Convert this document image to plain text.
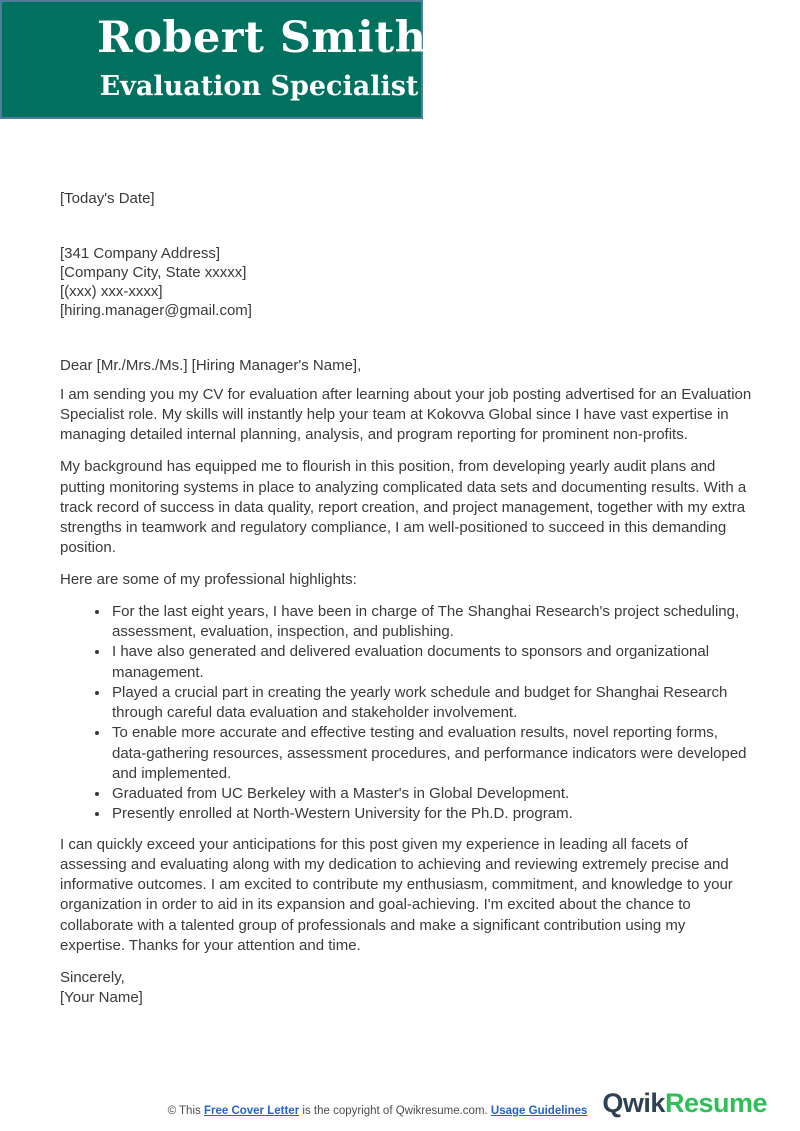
Robert Smith
Evaluation Specialist
[Today's Date]
[341 Company Address]
[Company City, State xxxxx]
[(xxx) xxx-xxxx]
[hiring.manager@gmail.com]
Dear [Mr./Mrs./Ms.] [Hiring Manager's Name],

I am sending you my CV for evaluation after learning about your job posting advertised for an Evaluation Specialist role. My skills will instantly help your team at Kokovva Global since I have vast expertise in managing detailed internal planning, analysis, and program reporting for prominent non-profits.

My background has equipped me to flourish in this position, from developing yearly audit plans and putting monitoring systems in place to analyzing complicated data sets and documenting results. With a track record of success in data quality, report creation, and project management, together with my extra strengths in teamwork and regulatory compliance, I am well-positioned to succeed in this demanding position.

Here are some of my professional highlights:

• For the last eight years, I have been in charge of The Shanghai Research's project scheduling, assessment, evaluation, inspection, and publishing.
• I have also generated and delivered evaluation documents to sponsors and organizational management.
• Played a crucial part in creating the yearly work schedule and budget for Shanghai Research through careful data evaluation and stakeholder involvement.
• To enable more accurate and effective testing and evaluation results, novel reporting forms, data-gathering resources, assessment procedures, and performance indicators were developed and implemented.
• Graduated from UC Berkeley with a Master's in Global Development.
• Presently enrolled at North-Western University for the Ph.D. program.

I can quickly exceed your anticipations for this post given my experience in leading all facets of assessing and evaluating along with my dedication to achieving and reviewing extremely precise and informative outcomes. I am excited to contribute my enthusiasm, commitment, and knowledge to your organization in order to aid in its expansion and goal-achieving. I'm excited about the chance to collaborate with a talented group of professionals and make a significant contribution using my expertise. Thanks for your attention and time.

Sincerely,
[Your Name]
© This Free Cover Letter is the copyright of Qwikresume.com. Usage Guidelines QwikResume
